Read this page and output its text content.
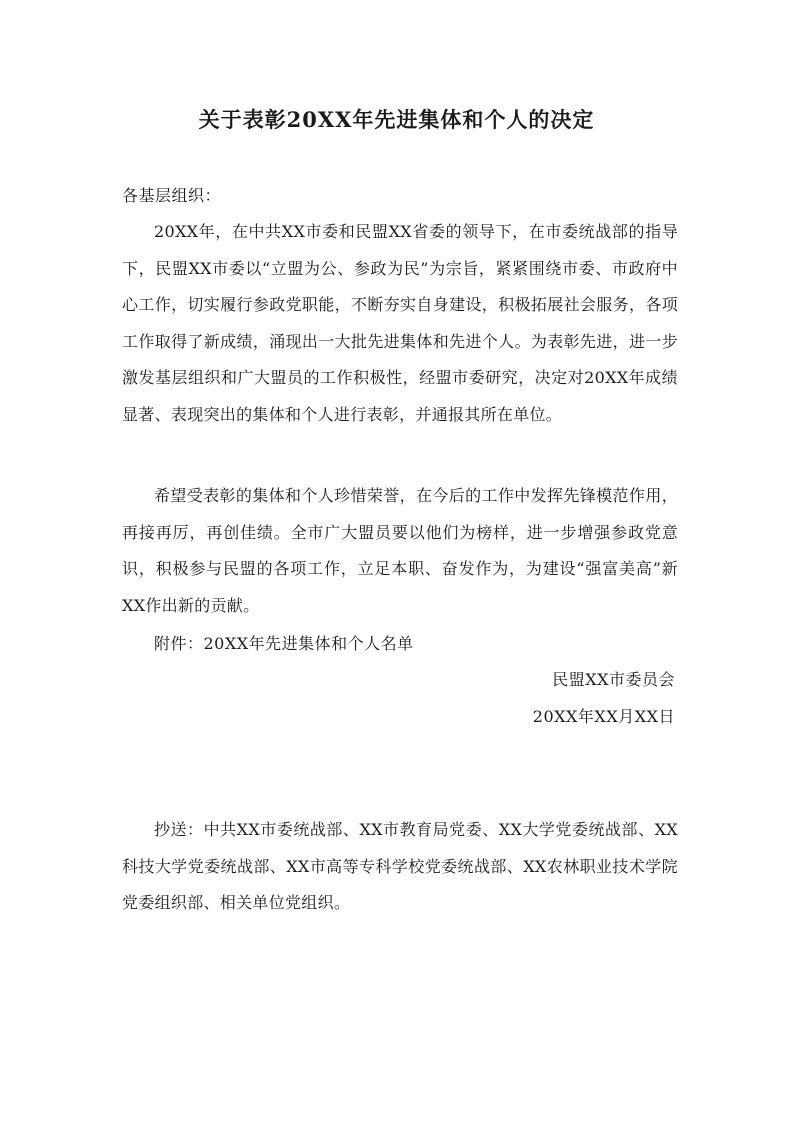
关于表彰20XX年先进集体和个人的决定
各基层组织：

20XX年，在中共XX市委和民盟XX省委的领导下，在市委统战部的指导下，民盟XX市委以“立盟为公、参政为民”为宗旨，紧紧围绕市委、市政府中心工作，切实履行参政党职能，不断夯实自身建设，积极拓展社会服务，各项工作取得了新成绩，涌现出一大批先进集体和先进个人。为表彰先进，进一步激发基层组织和广大盟员的工作积极性，经盟市委研究，决定对20XX年成绩显著、表现突出的集体和个人进行表彰，并通报其所在单位。

希望受表彰的集体和个人珍惜荣誉，在今后的工作中发挥先锋模范作用，再接再厉，再创佳绩。全市广大盟员要以他们为榜样，进一步增强参政党意识，积极参与民盟的各项工作，立足本职、奋发作为，为建设“强富美高”新XX作出新的贡献。

附件：20XX年先进集体和个人名单
民盟XX市委员会
20XX年XX月XX日

抄送：中共XX市委统战部、XX市教育局党委、XX大学党委统战部、XX科技大学党委统战部、XX市高等专科学校党委统战部、XX农林职业技术学院党委组织部、相关单位党组织。
